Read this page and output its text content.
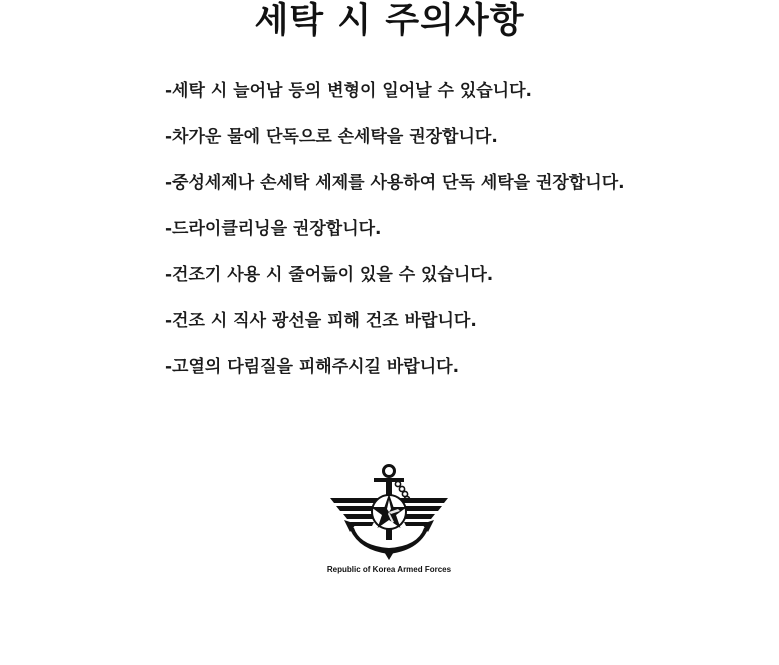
세탁 시 주의사항
-세탁 시 늘어남 등의 변형이 일어날 수 있습니다.
-차가운 물에 단독으로 손세탁을 권장합니다.
-중성세제나 손세탁 세제를 사용하여 단독 세탁을 권장합니다.
-드라이클리닝을 권장합니다.
-건조기 사용 시 줄어듦이 있을 수 있습니다.
-건조 시 직사 광선을 피해 건조 바랍니다.
-고열의 다림질을 피해주시길 바랍니다.
Republic of Korea Armed Forces
